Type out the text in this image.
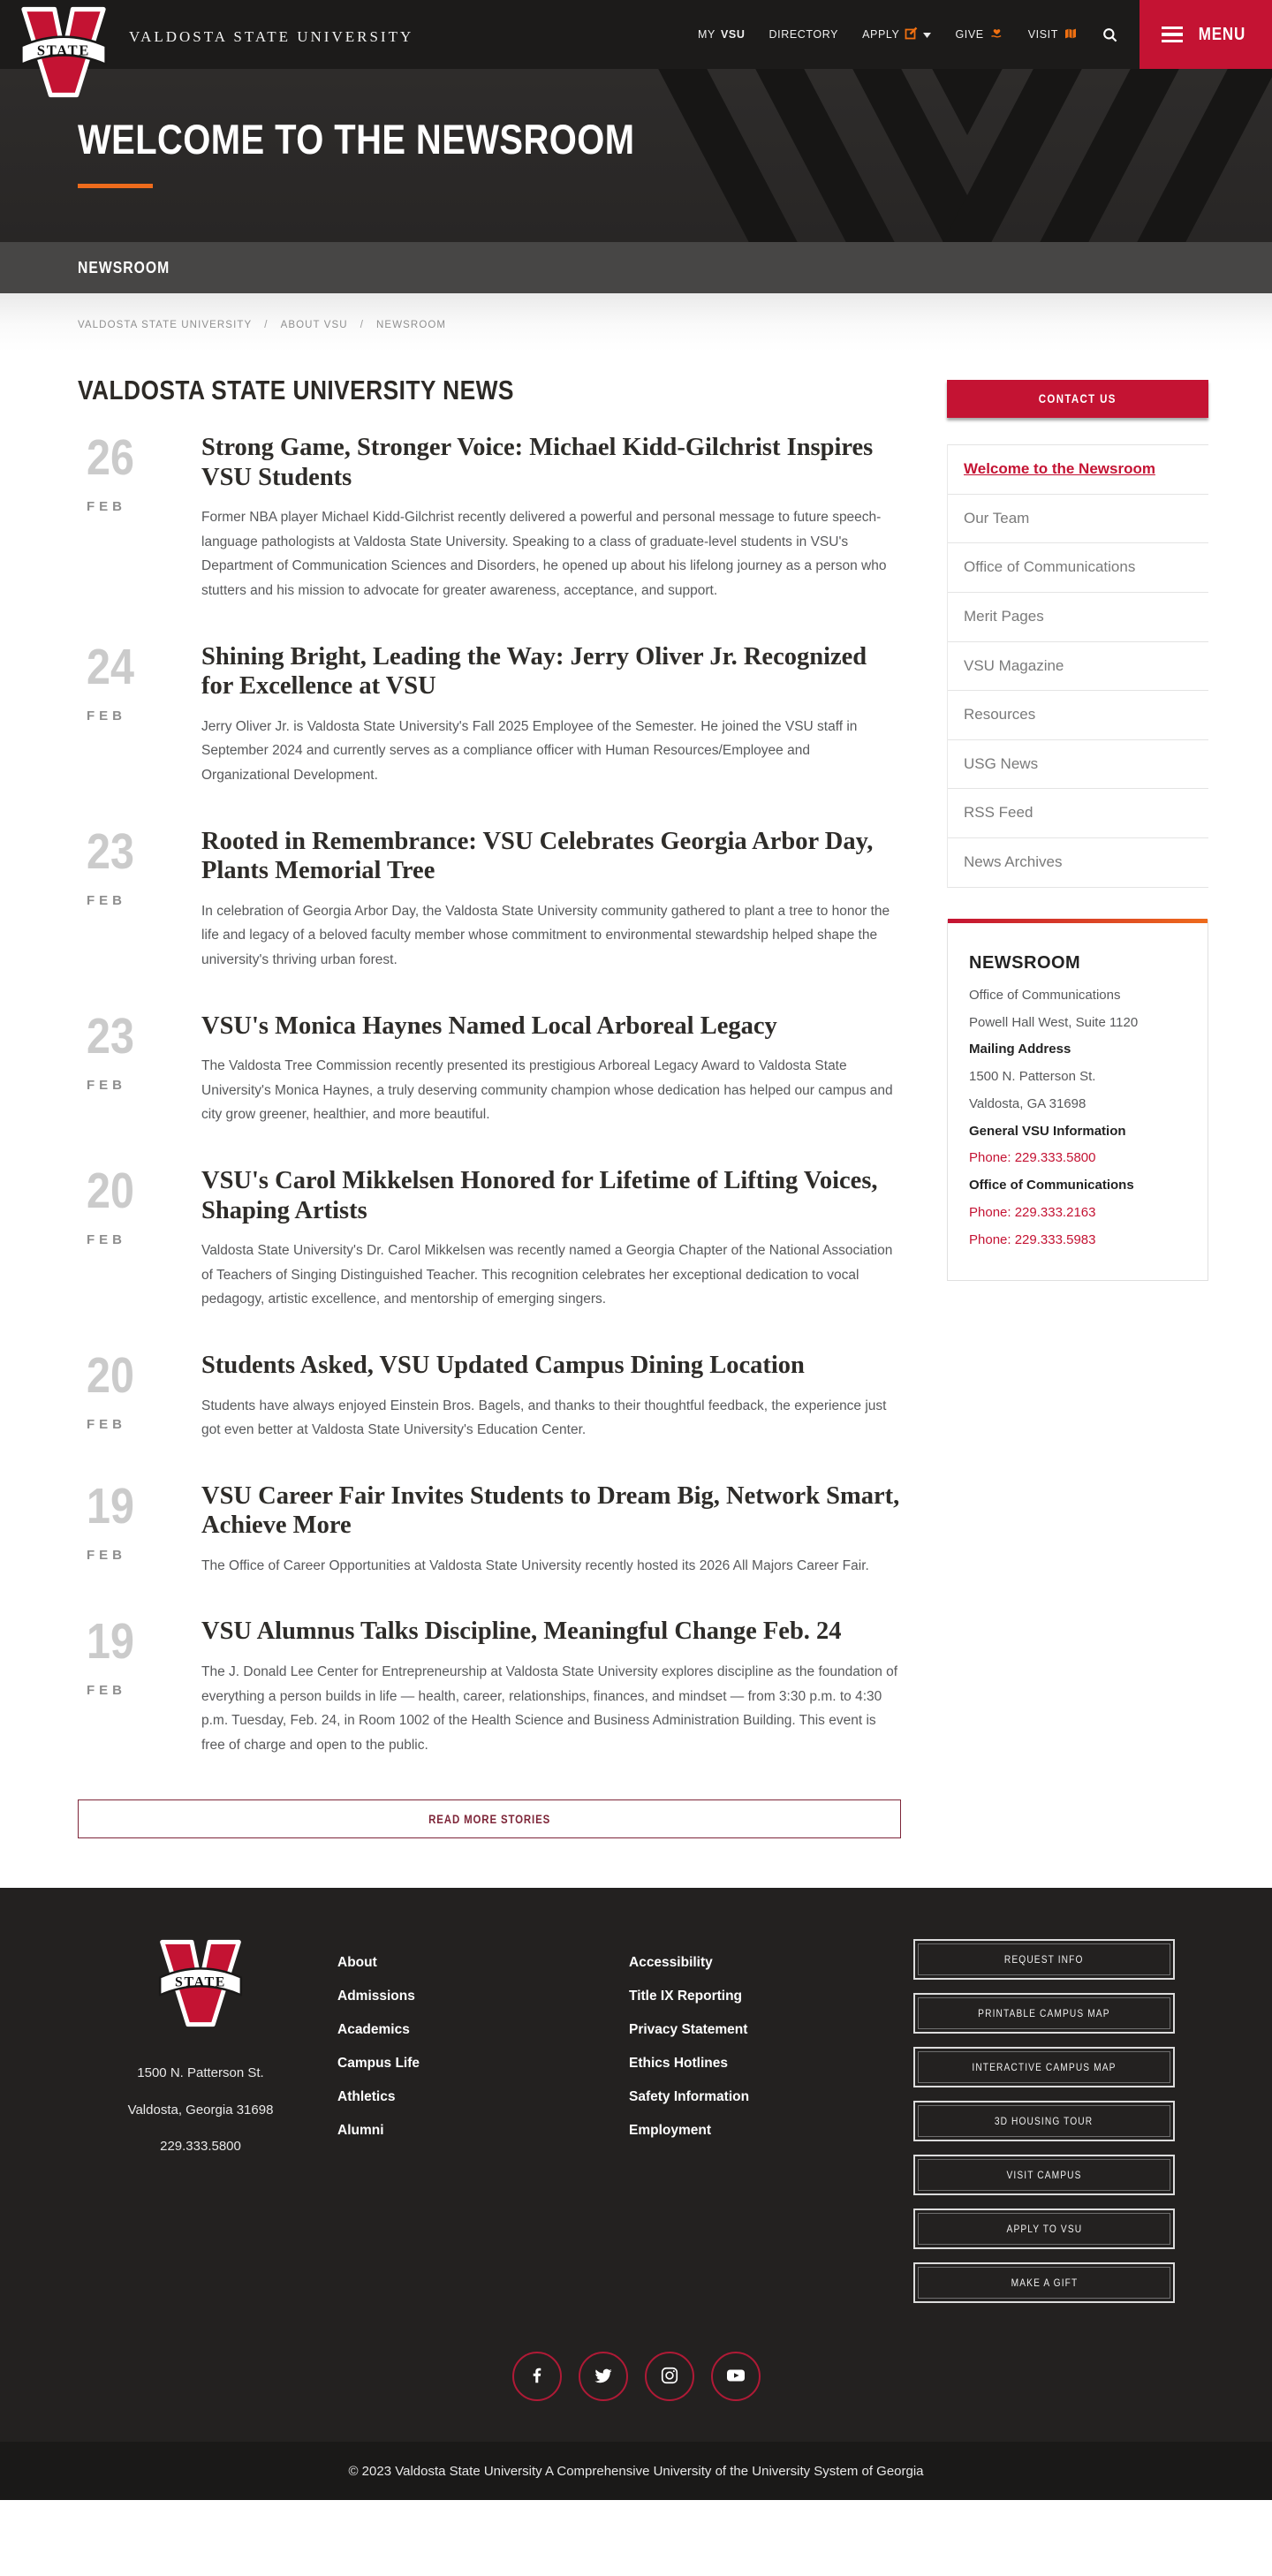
VALDOSTA STATE UNIVERSITY	MY VSU DIRECTORY APPLY	GIVE	VISIT	MENU
WELCOME TO THE NEWSROOM
NEWSROOM
VALDOSTA STATE UNIVERSITY / ABOUT VSU / NEWSROOM
VALDOSTA STATE UNIVERSITY NEWS
26
FEB
Strong Game, Stronger Voice: Michael Kidd-Gilchrist Inspires VSU Students

Former NBA player Michael Kidd-Gilchrist recently delivered a powerful and personal message to future speech-language pathologists at Valdosta State University. Speaking to a class of graduate-level students in VSU's Department of Communication Sciences and Disorders, he opened up about his lifelong journey as a person who stutters and his mission to advocate for greater awareness, acceptance, and support.

24
FEB
Shining Bright, Leading the Way: Jerry Oliver Jr. Recognized for Excellence at VSU

Jerry Oliver Jr. is Valdosta State University's Fall 2025 Employee of the Semester. He joined the VSU staff in September 2024 and currently serves as a compliance officer with Human Resources/Employee and Organizational Development.

23
FEB
Rooted in Remembrance: VSU Celebrates Georgia Arbor Day, Plants Memorial Tree

In celebration of Georgia Arbor Day, the Valdosta State University community gathered to plant a tree to honor the life and legacy of a beloved faculty member whose commitment to environmental stewardship helped shape the university's thriving urban forest.

23
FEB
VSU's Monica Haynes Named Local Arboreal Legacy

The Valdosta Tree Commission recently presented its prestigious Arboreal Legacy Award to Valdosta State University's Monica Haynes, a truly deserving community champion whose dedication has helped our campus and city grow greener, healthier, and more beautiful.

20
FEB
VSU's Carol Mikkelsen Honored for Lifetime of Lifting Voices, Shaping Artists

Valdosta State University's Dr. Carol Mikkelsen was recently named a Georgia Chapter of the National Association of Teachers of Singing Distinguished Teacher. This recognition celebrates her exceptional dedication to vocal pedagogy, artistic excellence, and mentorship of emerging singers.

20
FEB
Students Asked, VSU Updated Campus Dining Location

Students have always enjoyed Einstein Bros. Bagels, and thanks to their thoughtful feedback, the experience just got even better at Valdosta State University's Education Center.

19
FEB
VSU Career Fair Invites Students to Dream Big, Network Smart, Achieve More

The Office of Career Opportunities at Valdosta State University recently hosted its 2026 All Majors Career Fair.

19
FEB
VSU Alumnus Talks Discipline, Meaningful Change Feb. 24

The J. Donald Lee Center for Entrepreneurship at Valdosta State University explores discipline as the foundation of everything a person builds in life — health, career, relationships, finances, and mindset — from 3:30 p.m. to 4:30 p.m. Tuesday, Feb. 24, in Room 1002 of the Health Science and Business Administration Building. This event is free of charge and open to the public.

READ MORE STORIES
CONTACT US
Welcome to the Newsroom
Our Team
Office of Communications
Merit Pages
VSU Magazine
Resources
USG News
RSS Feed
News Archives
NEWSROOM

Office of Communications

Powell Hall West, Suite 1120

Mailing Address

1500 N. Patterson St.

Valdosta, GA 31698

General VSU Information

Phone: 229.333.5800

Office of Communications

Phone: 229.333.2163

Phone: 229.333.5983

1500 N. Patterson St.
Valdosta, Georgia 31698
229.333.5800
About
Admissions
Academics
Campus Life
Athletics
Alumni
Accessibility
Title IX Reporting
Privacy Statement
Ethics Hotlines
Safety Information
Employment
REQUEST INFO
PRINTABLE CAMPUS MAP
INTERACTIVE CAMPUS MAP
3D HOUSING TOUR
VISIT CAMPUS
APPLY TO VSU
MAKE A GIFT

© 2023 Valdosta State University A Comprehensive University of the University System of Georgia
